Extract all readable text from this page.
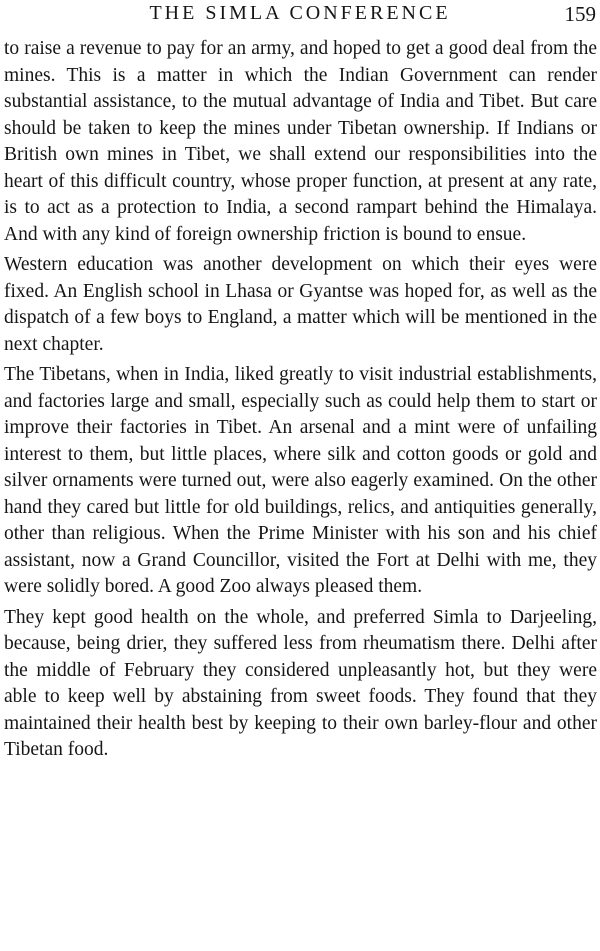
THE SIMLA CONFERENCE	159

to raise a revenue to pay for an army, and hoped to get a good deal from the mines. This is a matter in which the Indian Government can render substantial assistance, to the mutual advantage of India and Tibet. But care should be taken to keep the mines under Tibetan ownership. If Indians or British own mines in Tibet, we shall extend our responsibilities into the heart of this difficult country, whose proper function, at present at any rate, is to act as a protection to India, a second rampart behind the Himalaya. And with any kind of foreign ownership friction is bound to ensue.

Western education was another development on which their eyes were fixed. An English school in Lhasa or Gyantse was hoped for, as well as the dispatch of a few boys to England, a matter which will be mentioned in the next chapter.

The Tibetans, when in India, liked greatly to visit industrial establishments, and factories large and small, especially such as could help them to start or improve their factories in Tibet. An arsenal and a mint were of unfailing interest to them, but little places, where silk and cotton goods or gold and silver ornaments were turned out, were also eagerly examined. On the other hand they cared but little for old buildings, relics, and antiquities generally, other than religious. When the Prime Minister with his son and his chief assistant, now a Grand Councillor, visited the Fort at Delhi with me, they were solidly bored. A good Zoo always pleased them.

They kept good health on the whole, and preferred Simla to Darjeeling, because, being drier, they suffered less from rheumatism there. Delhi after the middle of February they considered unpleasantly hot, but they were able to keep well by abstaining from sweet foods. They found that they maintained their health best by keeping to their own barley-flour and other Tibetan food.
